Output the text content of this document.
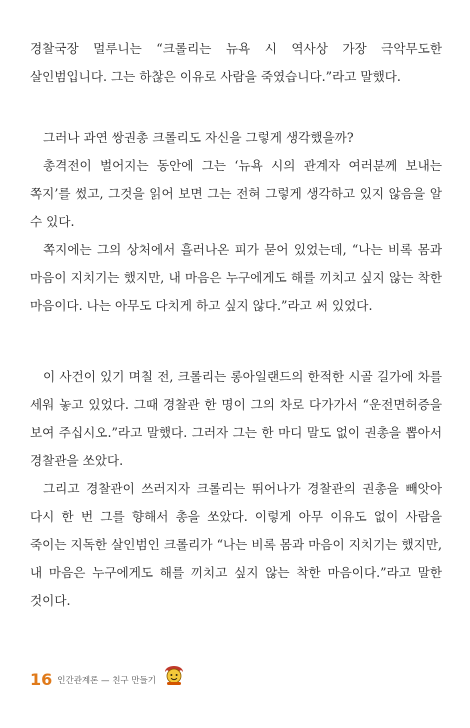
경찰국장 멀루니는 “크롤리는 뉴욕 시 역사상 가장 극악무도한 살인범입니다. 그는 하찮은 이유로 사람을 죽였습니다.”라고 말했다.

그러나 과연 쌍권총 크롤리도 자신을 그렇게 생각했을까?

총격전이 벌어지는 동안에 그는 ‘뉴욕 시의 관계자 여러분께 보내는 쪽지’를 썼고, 그것을 읽어 보면 그는 전혀 그렇게 생각하고 있지 않음을 알 수 있다.

쪽지에는 그의 상처에서 흘러나온 피가 묻어 있었는데, “나는 비록 몸과 마음이 지치기는 했지만, 내 마음은 누구에게도 해를 끼치고 싶지 않는 착한 마음이다. 나는 아무도 다치게 하고 싶지 않다.”라고 써 있었다.

이 사건이 있기 며칠 전, 크롤리는 롱아일랜드의 한적한 시골 길가에 차를 세워 놓고 있었다. 그때 경찰관 한 명이 그의 차로 다가가서 “운전면허증을 보여 주십시오.”라고 말했다. 그러자 그는 한 마디 말도 없이 권총을 뽑아서 경찰관을 쏘았다.

그리고 경찰관이 쓰러지자 크롤리는 뛰어나가 경찰관의 권총을 빼앗아 다시 한 번 그를 향해서 총을 쏘았다. 이렇게 아무 이유도 없이 사람을 죽이는 지독한 살인범인 크롤리가 “나는 비록 몸과 마음이 지치기는 했지만, 내 마음은 누구에게도 해를 끼치고 싶지 않는 착한 마음이다.”라고 말한 것이다.

16 인간관계론 — 친구 만들기
